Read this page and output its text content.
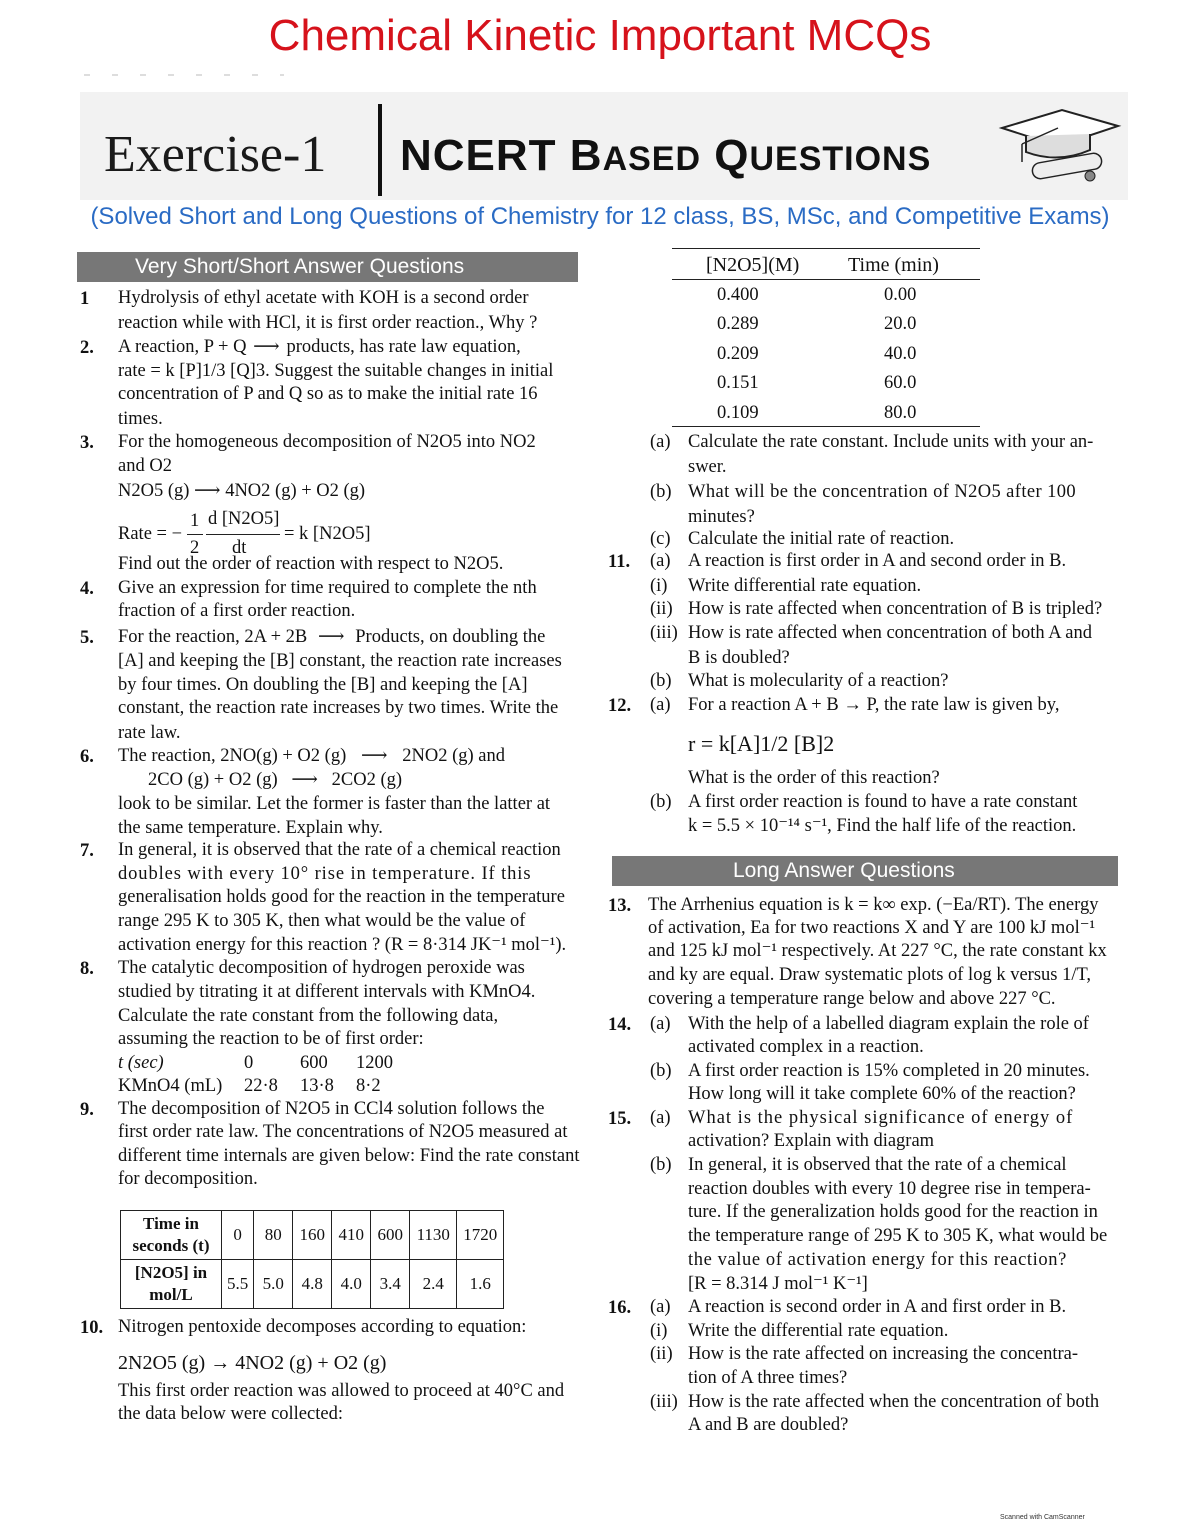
Chemical Kinetic Important MCQs
Exercise-1 NCERT BASED QUESTIONS
(Solved Short and Long Questions of Chemistry for 12 class, BS, MSc, and Competitive Exams)
Very Short/Short Answer Questions
1 Hydrolysis of ethyl acetate with KOH is a second order
reaction while with HCl, it is first order reaction., Why ?
2. A reaction, P + Q ⟶ products, has rate law equation,
rate = k [P]1/3 [Q]3. Suggest the suitable changes in initial
concentration of P and Q so as to make the initial rate 16
times.
3. For the homogeneous decomposition of N2O5 into NO2
and O2
N2O5 (g) ⟶ 4NO2 (g) + O2 (g)
Rate = −
1
2
d [N2O5]
dt
= k [N2O5]
Find out the order of reaction with respect to N2O5.
4. Give an expression for time required to complete the nth
fraction of a first order reaction.
5. For the reaction, 2A + 2B ⟶ Products, on doubling the
[A] and keeping the [B] constant, the reaction rate increases
by four times. On doubling the [B] and keeping the [A]
constant, the reaction rate increases by two times. Write the
rate law.
6. The reaction, 2NO(g) + O2 (g) ⟶ 2NO2 (g) and
2CO (g) + O2 (g) ⟶ 2CO2 (g)
look to be similar. Let the former is faster than the latter at
the same temperature. Explain why.
7. In general, it is observed that the rate of a chemical reaction
doubles with every 10° rise in temperature. If this
generalisation holds good for the reaction in the temperature
range 295 K to 305 K, then what would be the value of
activation energy for this reaction ? (R = 8·314 JK⁻¹ mol⁻¹).
8. The catalytic decomposition of hydrogen peroxide was
studied by titrating it at different intervals with KMnO4.
Calculate the rate constant from the following data,
assuming the reaction to be of first order:
t (sec)	0	600 1200
KMnO4 (mL) 22·8 13·8 8·2
9. The decomposition of N2O5 in CCl4 solution follows the
first order rate law. The concentrations of N2O5 measured at
different time internals are given below: Find the rate constant
for decomposition.
Time in seconds (t)	0	80	160	410	600	1130	1720
[N2O5] in mol/L	5.5	5.0	4.8	4.0	3.4	2.4	1.6
10. Nitrogen pentoxide decomposes according to equation:
2N2O5 (g) → 4NO2 (g) + O2 (g)
This first order reaction was allowed to proceed at 40°C and
the data below were collected:
[N2O5](M) Time (min)
0.400	0.00
0.289	20.0
0.209	40.0
0.151	60.0
0.109	80.0
(a) Calculate the rate constant. Include units with your an-
swer.
(b) What will be the concentration of N2O5 after 100
minutes?
(c) Calculate the initial rate of reaction.
11. (a) A reaction is first order in A and second order in B.
(i) Write differential rate equation.
(ii) How is rate affected when concentration of B is tripled?
(iii) How is rate affected when concentration of both A and
B is doubled?
(b) What is molecularity of a reaction?
12. (a) For a reaction A + B → P, the rate law is given by,
r = k[A]1/2 [B]2
What is the order of this reaction?
(b) A first order reaction is found to have a rate constant
k = 5.5 × 10⁻¹⁴ s⁻¹, Find the half life of the reaction.
Long Answer Questions
13. The Arrhenius equation is k = k∞ exp. (−Ea/RT). The energy
of activation, Ea for two reactions X and Y are 100 kJ mol⁻¹
and 125 kJ mol⁻¹ respectively. At 227 °C, the rate constant kx
and ky are equal. Draw systematic plots of log k versus 1/T,
covering a temperature range below and above 227 °C.
14. (a) With the help of a labelled diagram explain the role of
activated complex in a reaction.
(b) A first order reaction is 15% completed in 20 minutes.
How long will it take complete 60% of the reaction?
15. (a) What is the physical significance of energy of
activation? Explain with diagram
(b) In general, it is observed that the rate of a chemical
reaction doubles with every 10 degree rise in tempera-
ture. If the generalization holds good for the reaction in
the temperature range of 295 K to 305 K, what would be
the value of activation energy for this reaction?
[R = 8.314 J mol⁻¹ K⁻¹]
16. (a) A reaction is second order in A and first order in B.
(i) Write the differential rate equation.
(ii) How is the rate affected on increasing the concentra-
tion of A three times?
(iii) How is the rate affected when the concentration of both
A and B are doubled?
Scanned with CamScanner
